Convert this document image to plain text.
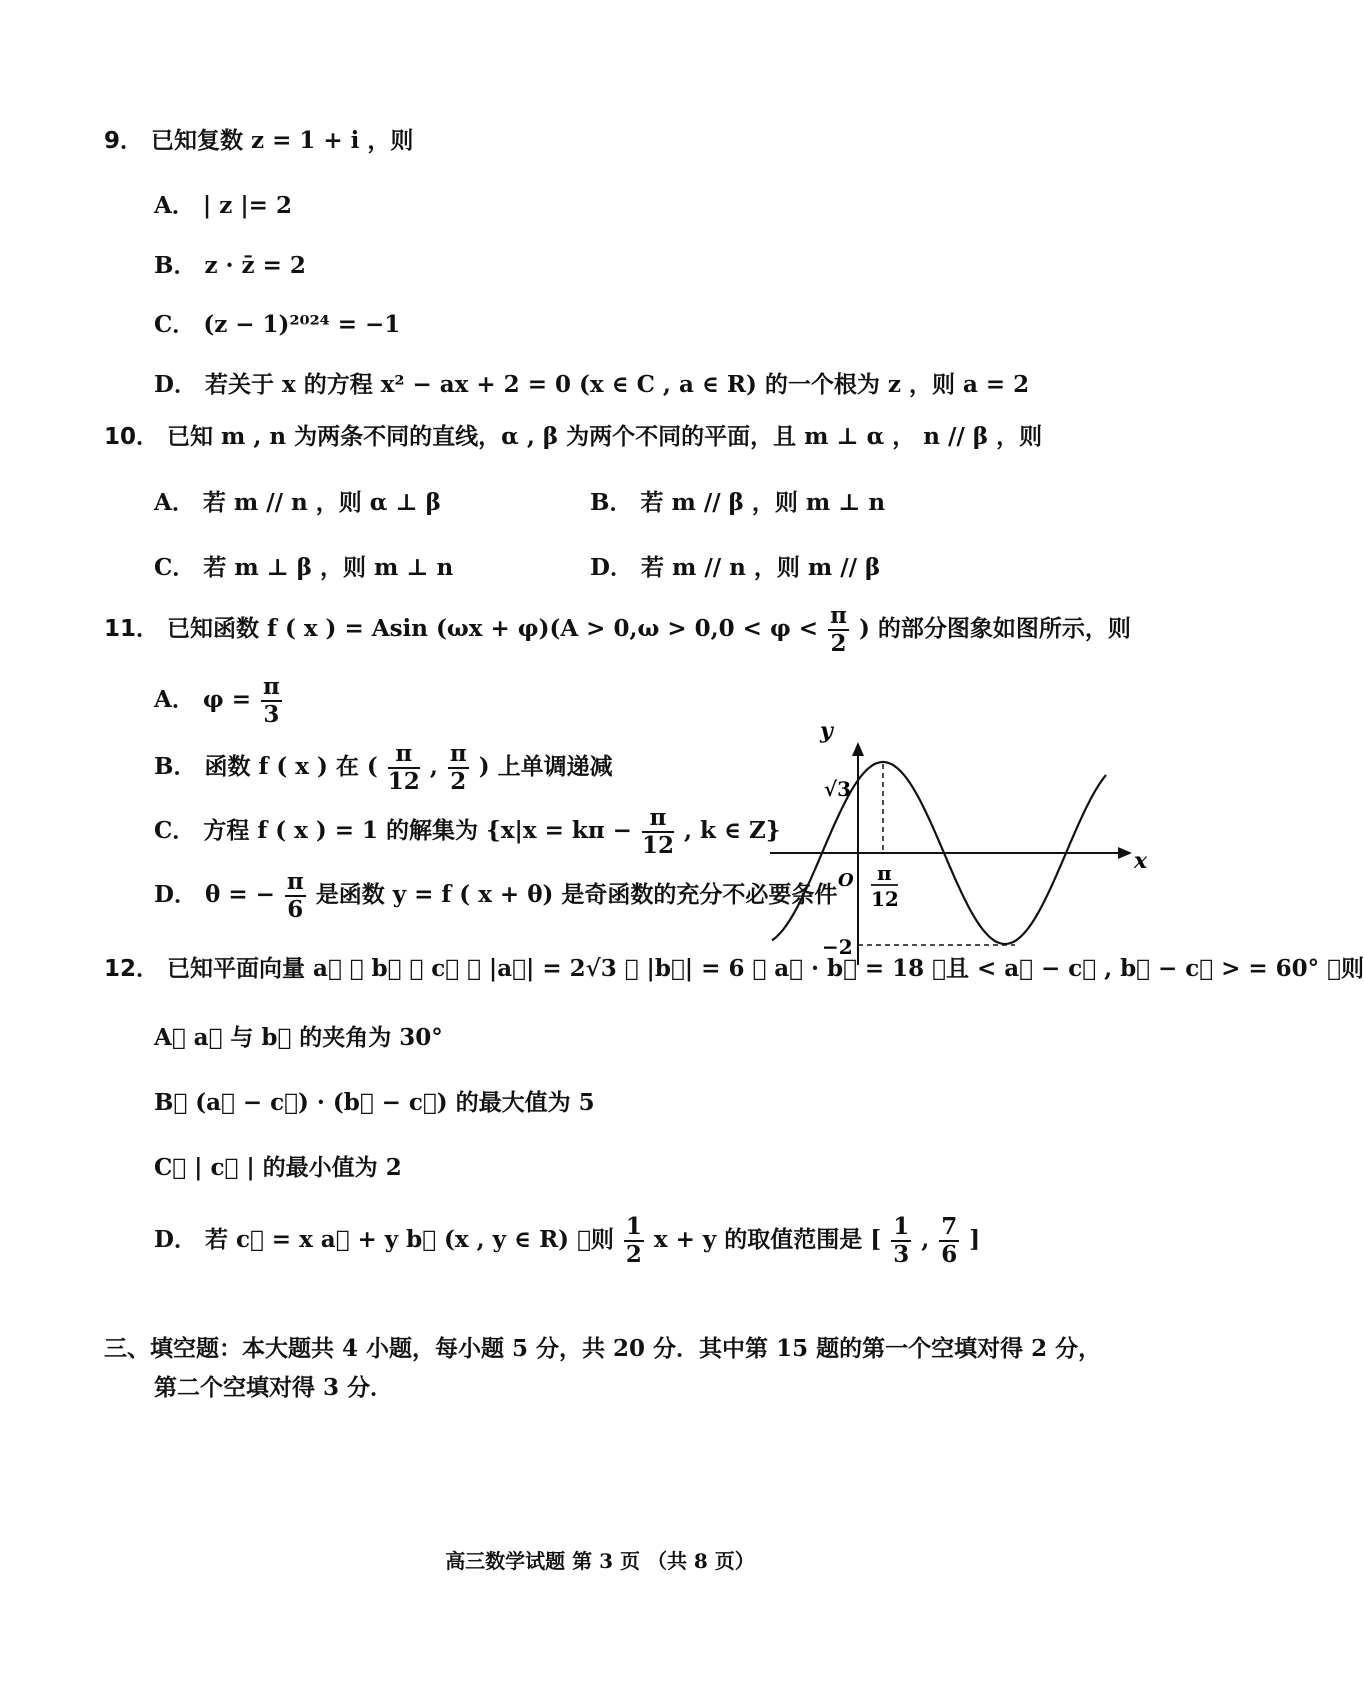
9． 已知复数 z = 1 + i ，则
A． | z |= 2
B． z · z̄ = 2
C． (z − 1)²⁰²⁴ = −1
D． 若关于 x 的方程 x² − ax + 2 = 0 (x ∈ C , a ∈ R) 的一个根为 z ，则 a = 2
10． 已知 m , n 为两条不同的直线，α , β 为两个不同的平面，且 m ⊥ α ， n // β ，则
A． 若 m // n ，则 α ⊥ β	B． 若 m // β ，则 m ⊥ n
C． 若 m ⊥ β ，则 m ⊥ n	D． 若 m // n ，则 m // β
11． 已知函数 f ( x ) = Asin $(\omega x + \varphi)(A > 0,\omega > 0,0 < \varphi < \frac{\pi}{2}$ ) 的部分图象如图所示，则
A． $\varphi = \frac{\pi}{3}$
B． 函数 f ( x ) 在 ( $\frac{\pi}{12}$ , $\frac{\pi}{2}$ ) 上单调递减
C． 方程 f ( x ) = 1 的解集为 {$x|x = k\pi - \frac{\pi}{12}$ , k ∈ Z}
D． θ = − $\frac{\pi}{6}$ 是函数 y = f ( x + θ) 是奇函数的充分不必要条件
y
x
O
√3
−2
π
12
12． 已知平面向量 a⃗ ， b⃗ ， c⃗ ， |a⃗| = 2√3 ， |b⃗| = 6 ， a⃗ · b⃗ = 18 ，且 < a⃗ − c⃗ , b⃗ − c⃗ > = 60° ，则
A． a⃗ 与 b⃗ 的夹角为 30°
B． (a⃗ − c⃗) · (b⃗ − c⃗) 的最大值为 5
C． | c⃗ | 的最小值为 2
D． 若 c⃗ = x a⃗ + y b⃗ (x , y ∈ R) ，则 $\frac{1}{2}$ x + y 的取值范围是 [ $\frac{1}{3}$ , $\frac{7}{6}$ ]
三、填空题：本大题共 4 小题，每小题 5 分，共 20 分．其中第 15 题的第一个空填对得 2 分，
第二个空填对得 3 分．
高三数学试题 第 3 页 （共 8 页）
